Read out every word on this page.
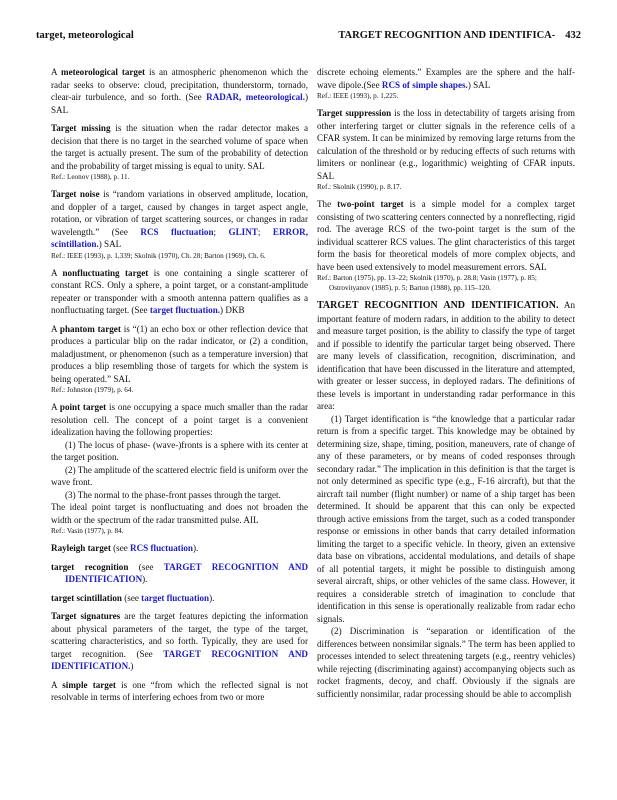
target, meteorological	TARGET RECOGNITION AND IDENTIFICA- 432

A meteorological target is an atmospheric phenomenon which the radar seeks to observe: cloud, precipitation, thunderstorm, tornado, clear-air turbulence, and so forth. (See RADAR, meteorological.) SAL

Target missing is the situation when the radar detector makes a decision that there is no target in the searched volume of space when the target is actually present. The sum of the probability of detection and the probability of target missing is equal to unity. SAL

Ref.: Leonov (1988), p. 11.

Target noise is “random variations in observed amplitude, location, and doppler of a target, caused by changes in target aspect angle, rotation, or vibration of target scattering sources, or changes in radar wavelength.” (See RCS fluctuation; GLINT; ERROR, scintillation.) SAL

Ref.: IEEE (1993), p. 1,339; Skolnik (1970), Ch. 28; Barton (1969), Ch. 6.

A nonfluctuating target is one containing a single scatterer of constant RCS. Only a sphere, a point target, or a constant-amplitude repeater or transponder with a smooth antenna pattern qualifies as a nonfluctuating target. (See target fluctuation.) DKB

A phantom target is “(1) an echo box or other reflection device that produces a particular blip on the radar indicator, or (2) a condition, maladjustment, or phenomenon (such as a temperature inversion) that produces a blip resembling those of targets for which the system is being operated.” SAL

Ref.: Johnston (1979), p. 64.

A point target is one occupying a space much smaller than the radar resolution cell. The concept of a point target is a convenient idealization having the following properties:

(1) The locus of phase- (wave-)fronts is a sphere with its center at the target position.

(2) The amplitude of the scattered electric field is uniform over the wave front.

(3) The normal to the phase-front passes through the target.

The ideal point target is nonfluctuating and does not broaden the width or the spectrum of the radar transmitted pulse. AIL

Ref.: Vasin (1977), p. 84.

Rayleigh target (see RCS fluctuation).

target recognition (see TARGET RECOGNITION AND IDENTIFICATION).

target scintillation (see target fluctuation).

Target signatures are the target features depicting the information about physical parameters of the target, the type of the target, scattering characteristics, and so forth. Typically, they are used for target recognition. (See TARGET RECOGNITION AND IDENTIFICATION.)

A simple target is one “from which the reflected signal is not resolvable in terms of interfering echoes from two or more

discrete echoing elements.” Examples are the sphere and the half-wave dipole.(See RCS of simple shapes.) SAL

Ref.: IEEE (1993), p. 1,225.

Target suppression is the loss in detectability of targets arising from other interfering target or clutter signals in the reference cells of a CFAR system. It can be minimized by removing large returns from the calculation of the threshold or by reducing effects of such returns with limiters or nonlinear (e.g., logarithmic) weighting of CFAR inputs. SAL

Ref.: Skolnik (1990), p. 8.17.

The two-point target is a simple model for a complex target consisting of two scattering centers connected by a nonreflecting, rigid rod. The average RCS of the two-point target is the sum of the individual scatterer RCS values. The glint characteristics of this target form the basis for theoretical models of more complex objects, and have been used extensively to model measurement errors. SAL

Ref.: Barton (1975), pp. 13–22; Skolnik (1970), p. 28.8; Vasin (1977), p. 85; Ostrovityanov (1985), p. 5; Barton (1988), pp. 115–120.

TARGET RECOGNITION AND IDENTIFICATION. An important feature of modern radars, in addition to the ability to detect and measure target position, is the ability to classify the type of target and if possible to identify the particular target being observed. There are many levels of classification, recognition, discrimination, and identification that have been discussed in the literature and attempted, with greater or lesser success, in deployed radars. The definitions of these levels is important in understanding radar performance in this area:

(1) Target identification is “the knowledge that a particular radar return is from a specific target. This knowledge may be obtained by determining size, shape, timing, position, maneuvers, rate of change of any of these parameters, or by means of coded responses through secondary radar.” The implication in this definition is that the target is not only determined as specific type (e.g., F-16 aircraft), but that the aircraft tail number (flight number) or name of a ship target has been determined. It should be apparent that this can only be expected through active emissions from the target, such as a coded transponder response or emissions in other bands that carry detailed information limiting the target to a specific vehicle. In theory, given an extensive data base on vibrations, accidental modulations, and details of shape of all potential targets, it might be possible to distinguish among several aircraft, ships, or other vehicles of the same class. However, it requires a considerable stretch of imagination to conclude that identification in this sense is operationally realizable from radar echo signals.

(2) Discrimination is “separation or identification of the differences between nonsimilar signals.” The term has been applied to processes intended to select threatening targets (e.g., reentry vehicles) while rejecting (discriminating against) accompanying objects such as rocket fragments, decoy, and chaff. Obviously if the signals are sufficiently nonsimilar, radar processing should be able to accomplish
